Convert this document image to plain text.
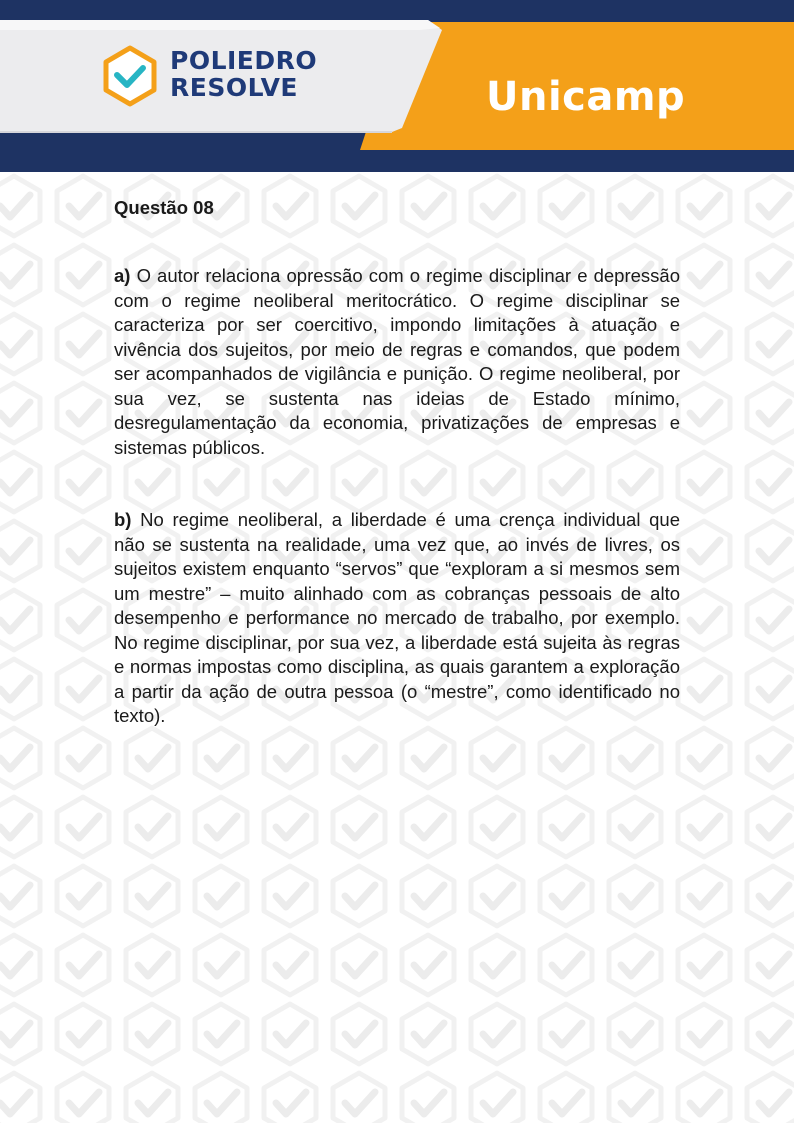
POLIEDRO
RESOLVE	Unicamp
Questão 08

a) O autor relaciona opressão com o regime disciplinar e depressão com o regime neoliberal meritocrático. O regime disciplinar se caracteriza por ser coercitivo, impondo limitações à atuação e vivência dos sujeitos, por meio de regras e comandos, que podem ser acompanhados de vigilância e punição. O regime neoliberal, por sua vez, se sustenta nas ideias de Estado mínimo, desregulamentação da economia, privatizações de empresas e sistemas públicos.

b) No regime neoliberal, a liberdade é uma crença individual que não se sustenta na realidade, uma vez que, ao invés de livres, os sujeitos existem enquanto “servos” que “exploram a si mesmos sem um mestre” – muito alinhado com as cobranças pessoais de alto desempenho e performance no mercado de trabalho, por exemplo. No regime disciplinar, por sua vez, a liberdade está sujeita às regras e normas impostas como disciplina, as quais garantem a exploração a partir da ação de outra pessoa (o “mestre”, como identificado no texto).
